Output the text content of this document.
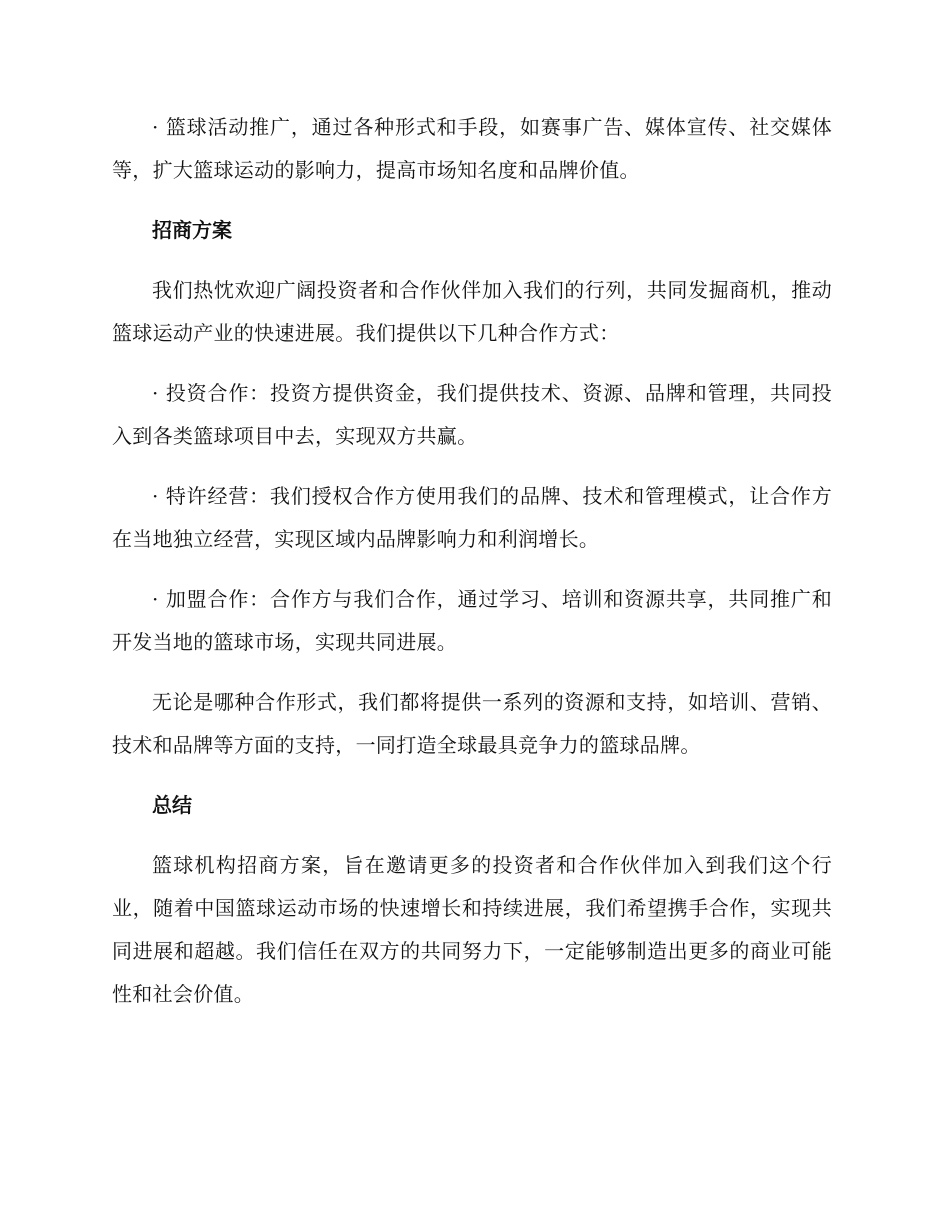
· 篮球活动推广，通过各种形式和手段，如赛事广告、媒体宣传、社交媒体等，扩大篮球运动的影响力，提高市场知名度和品牌价值。

招商方案

我们热忱欢迎广阔投资者和合作伙伴加入我们的行列，共同发掘商机，推动篮球运动产业的快速进展。我们提供以下几种合作方式：

· 投资合作：投资方提供资金，我们提供技术、资源、品牌和管理，共同投入到各类篮球项目中去，实现双方共赢。

· 特许经营：我们授权合作方使用我们的品牌、技术和管理模式，让合作方在当地独立经营，实现区域内品牌影响力和利润增长。

· 加盟合作：合作方与我们合作，通过学习、培训和资源共享，共同推广和开发当地的篮球市场，实现共同进展。

无论是哪种合作形式，我们都将提供一系列的资源和支持，如培训、营销、技术和品牌等方面的支持，一同打造全球最具竞争力的篮球品牌。

总结

篮球机构招商方案，旨在邀请更多的投资者和合作伙伴加入到我们这个行业，随着中国篮球运动市场的快速增长和持续进展，我们希望携手合作，实现共同进展和超越。我们信任在双方的共同努力下，一定能够制造出更多的商业可能性和社会价值。
